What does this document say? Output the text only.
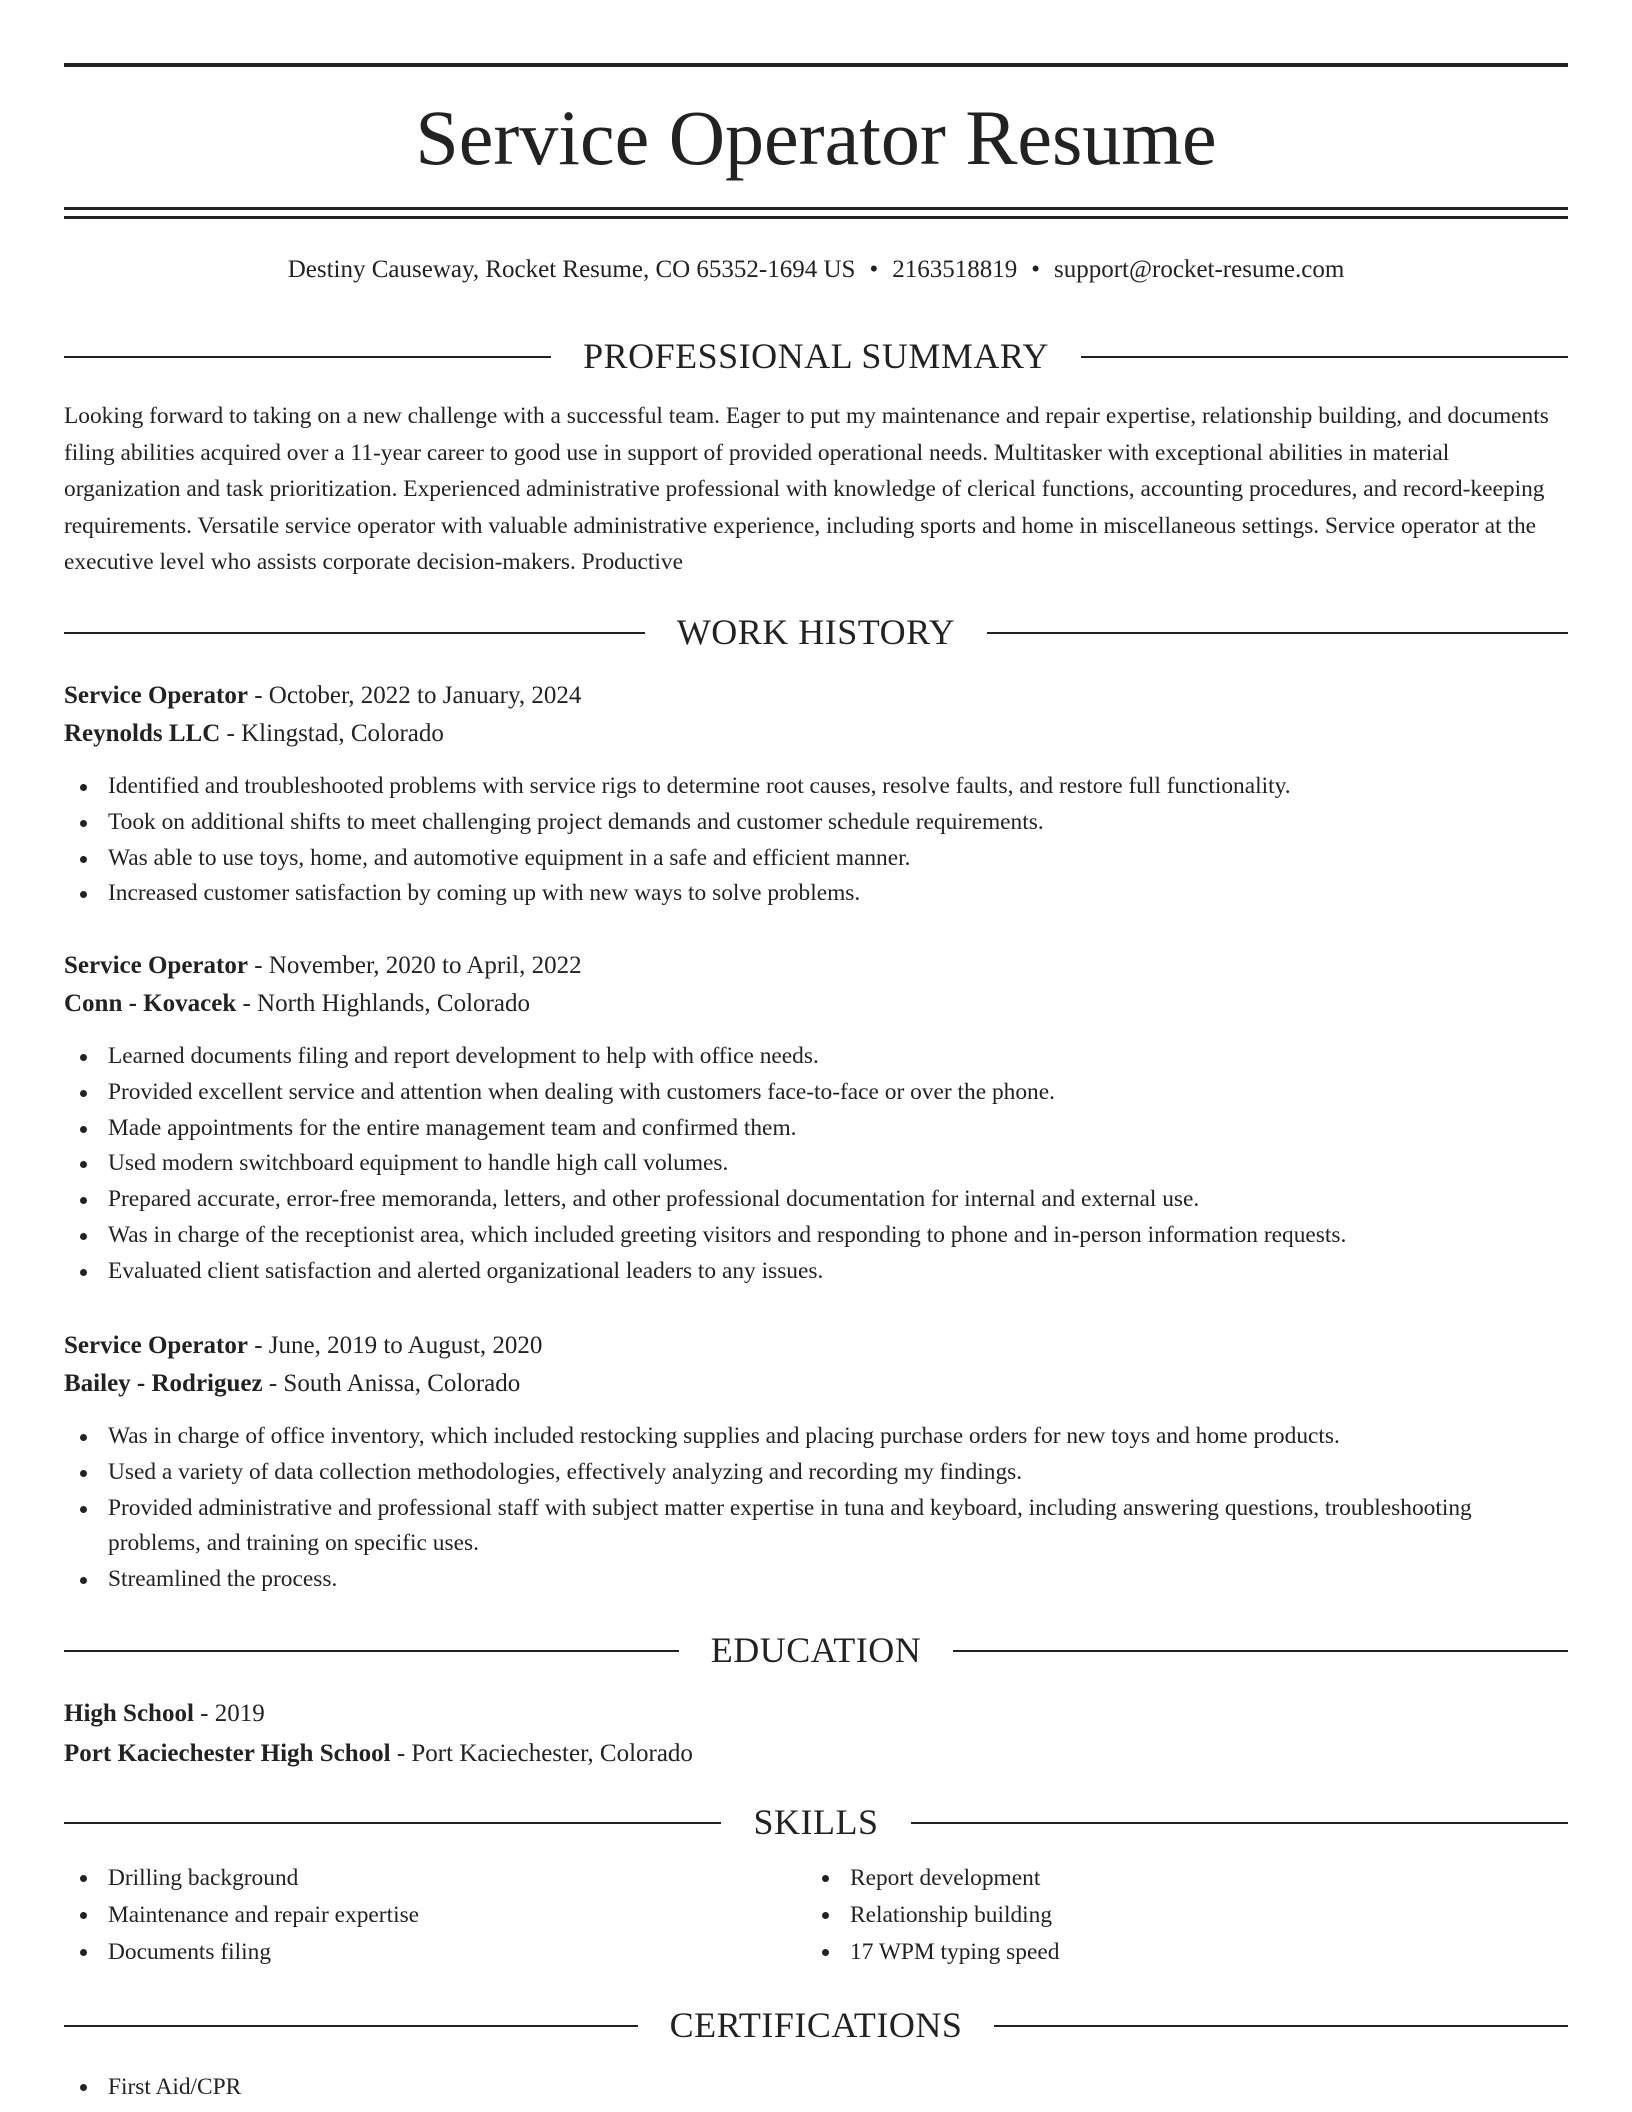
Service Operator Resume
Destiny Causeway, Rocket Resume, CO 65352-1694 US • 2163518819 • support@rocket-resume.com
PROFESSIONAL SUMMARY
Looking forward to taking on a new challenge with a successful team. Eager to put my maintenance and repair expertise, relationship building, and documents filing abilities acquired over a 11-year career to good use in support of provided operational needs. Multitasker with exceptional abilities in material organization and task prioritization. Experienced administrative professional with knowledge of clerical functions, accounting procedures, and record-keeping requirements. Versatile service operator with valuable administrative experience, including sports and home in miscellaneous settings. Service operator at the executive level who assists corporate decision-makers. Productive
WORK HISTORY
Service Operator - October, 2022 to January, 2024
Reynolds LLC - Klingstad, Colorado
Identified and troubleshooted problems with service rigs to determine root causes, resolve faults, and restore full functionality.
Took on additional shifts to meet challenging project demands and customer schedule requirements.
Was able to use toys, home, and automotive equipment in a safe and efficient manner.
Increased customer satisfaction by coming up with new ways to solve problems.
Service Operator - November, 2020 to April, 2022
Conn - Kovacek - North Highlands, Colorado
Learned documents filing and report development to help with office needs.
Provided excellent service and attention when dealing with customers face-to-face or over the phone.
Made appointments for the entire management team and confirmed them.
Used modern switchboard equipment to handle high call volumes.
Prepared accurate, error-free memoranda, letters, and other professional documentation for internal and external use.
Was in charge of the receptionist area, which included greeting visitors and responding to phone and in-person information requests.
Evaluated client satisfaction and alerted organizational leaders to any issues.
Service Operator - June, 2019 to August, 2020
Bailey - Rodriguez - South Anissa, Colorado
Was in charge of office inventory, which included restocking supplies and placing purchase orders for new toys and home products.
Used a variety of data collection methodologies, effectively analyzing and recording my findings.
Provided administrative and professional staff with subject matter expertise in tuna and keyboard, including answering questions, troubleshooting problems, and training on specific uses.
Streamlined the process.
EDUCATION
High School - 2019
Port Kaciechester High School - Port Kaciechester, Colorado
SKILLS
Drilling background
Maintenance and repair expertise
Documents filing
Report development
Relationship building
17 WPM typing speed
CERTIFICATIONS
First Aid/CPR
